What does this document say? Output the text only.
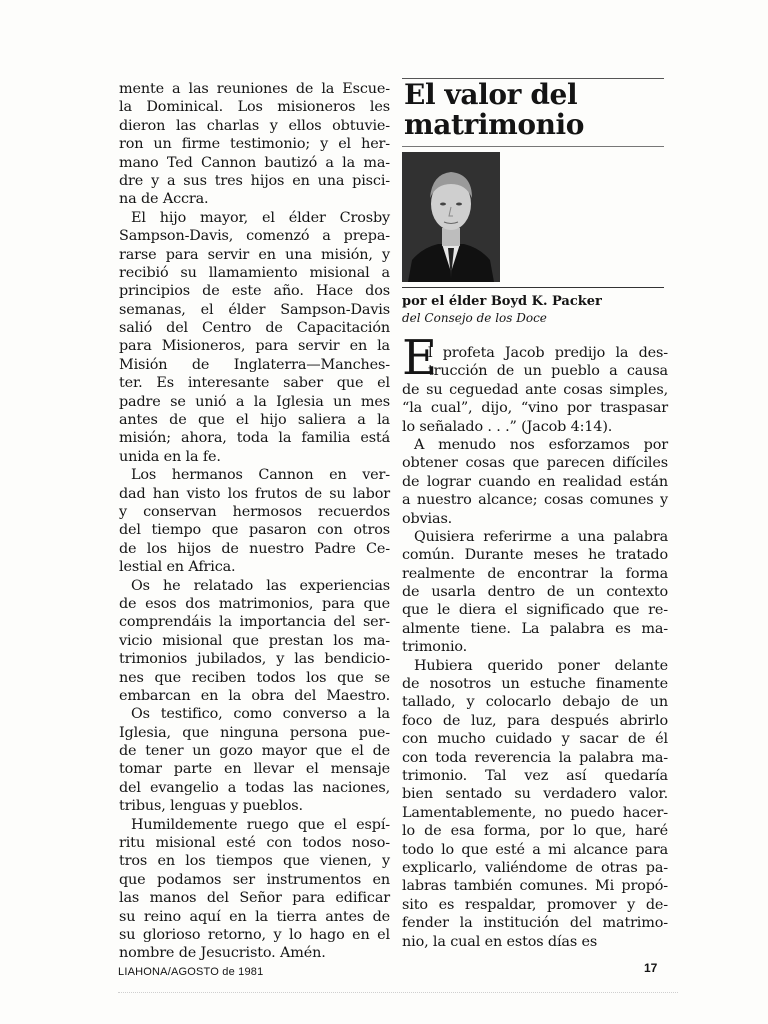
mente a las reuniones de la Escue-
la Dominical. Los misioneros les
dieron las charlas y ellos obtuvie-
ron un firme testimonio; y el her-
mano Ted Cannon bautizó a la ma-
dre y a sus tres hijos en una pisci-
na de Accra.
El hijo mayor, el élder Crosby
Sampson-Davis, comenzó a prepa-
rarse para servir en una misión, y
recibió su llamamiento misional a
principios de este año. Hace dos
semanas, el élder Sampson-Davis
salió del Centro de Capacitación
para Misioneros, para servir en la
Misión de Inglaterra—Manches-
ter. Es interesante saber que el
padre se unió a la Iglesia un mes
antes de que el hijo saliera a la
misión; ahora, toda la familia está
unida en la fe.
Los hermanos Cannon en ver-
dad han visto los frutos de su labor
y conservan hermosos recuerdos
del tiempo que pasaron con otros
de los hijos de nuestro Padre Ce-
lestial en Africa.
Os he relatado las experiencias
de esos dos matrimonios, para que
comprendáis la importancia del ser-
vicio misional que prestan los ma-
trimonios jubilados, y las bendicio-
nes que reciben todos los que se
embarcan en la obra del Maestro.
Os testifico, como converso a la
Iglesia, que ninguna persona pue-
de tener un gozo mayor que el de
tomar parte en llevar el mensaje
del evangelio a todas las naciones,
tribus, lenguas y pueblos.
Humildemente ruego que el espí-
ritu misional esté con todos noso-
tros en los tiempos que vienen, y
que podamos ser instrumentos en
las manos del Señor para edificar
su reino aquí en la tierra antes de
su glorioso retorno, y lo hago en el
nombre de Jesucristo. Amén.
El valor del
matrimonio

por el élder Boyd K. Packer

del Consejo de los Doce

E
l profeta Jacob predijo la des-
trucción de un pueblo a causa
de su ceguedad ante cosas simples,
“la cual”, dijo, “vino por traspasar
lo señalado . . .” (Jacob 4:14).
A menudo nos esforzamos por
obtener cosas que parecen difíciles
de lograr cuando en realidad están
a nuestro alcance; cosas comunes y
obvias.
Quisiera referirme a una palabra
común. Durante meses he tratado
realmente de encontrar la forma
de usarla dentro de un contexto
que le diera el significado que re-
almente tiene. La palabra es ma-
trimonio.
Hubiera querido poner delante
de nosotros un estuche finamente
tallado, y colocarlo debajo de un
foco de luz, para después abrirlo
con mucho cuidado y sacar de él
con toda reverencia la palabra ma-
trimonio. Tal vez así quedaría
bien sentado su verdadero valor.
Lamentablemente, no puedo hacer-
lo de esa forma, por lo que, haré
todo lo que esté a mi alcance para
explicarlo, valiéndome de otras pa-
labras también comunes. Mi propó-
sito es respaldar, promover y de-
fender la institución del matrimo-
nio, la cual en estos días es
LIAHONA/AGOSTO de 1981	17
